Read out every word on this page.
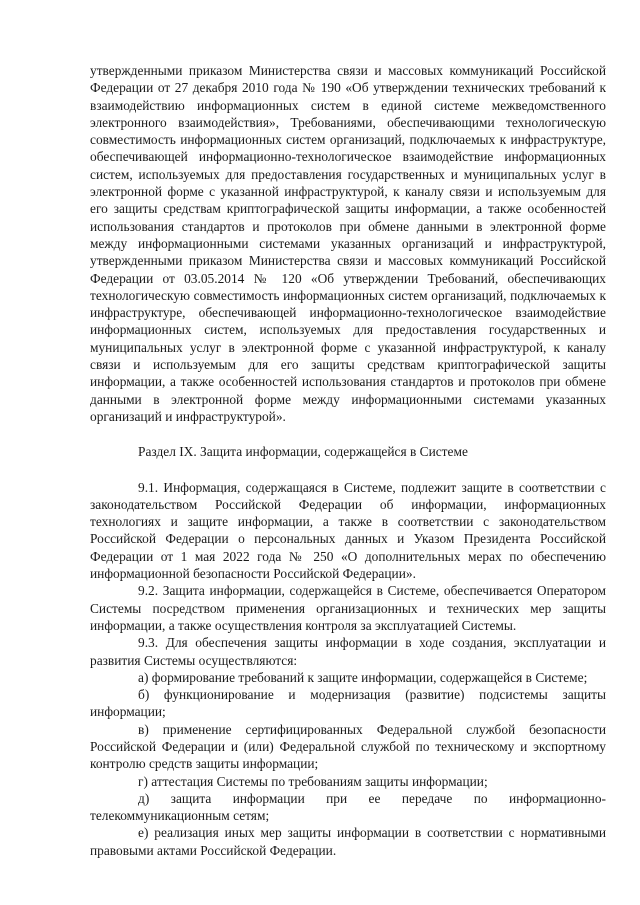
утвержденными приказом Министерства связи и массовых коммуникаций Российской Федерации от 27 декабря 2010 года № 190 «Об утверждении технических требований к взаимодействию информационных систем в единой системе межведомственного электронного взаимодействия», Требованиями, обеспечивающими технологическую совместимость информационных систем организаций, подключаемых к инфраструктуре, обеспечивающей информационно-технологическое взаимодействие информационных систем, используемых для предоставления государственных и муниципальных услуг в электронной форме с указанной инфраструктурой, к каналу связи и используемым для его защиты средствам криптографической защиты информации, а также особенностей использования стандартов и протоколов при обмене данными в электронной форме между информационными системами указанных организаций и инфраструктурой, утвержденными приказом Министерства связи и массовых коммуникаций Российской Федерации от 03.05.2014 № 120 «Об утверждении Требований, обеспечивающих технологическую совместимость информационных систем организаций, подключаемых к инфраструктуре, обеспечивающей информационно-технологическое взаимодействие информационных систем, используемых для предоставления государственных и муниципальных услуг в электронной форме с указанной инфраструктурой, к каналу связи и используемым для его защиты средствам криптографической защиты информации, а также особенностей использования стандартов и протоколов при обмене данными в электронной форме между информационными системами указанных организаций и инфраструктурой».

Раздел IX. Защита информации, содержащейся в Системе

9.1. Информация, содержащаяся в Системе, подлежит защите в соответствии с законодательством Российской Федерации об информации, информационных технологиях и защите информации, а также в соответствии с законодательством Российской Федерации о персональных данных и Указом Президента Российской Федерации от 1 мая 2022 года № 250 «О дополнительных мерах по обеспечению информационной безопасности Российской Федерации».

9.2. Защита информации, содержащейся в Системе, обеспечивается Оператором Системы посредством применения организационных и технических мер защиты информации, а также осуществления контроля за эксплуатацией Системы.

9.3. Для обеспечения защиты информации в ходе создания, эксплуатации и развития Системы осуществляются:

а) формирование требований к защите информации, содержащейся в Системе;

б) функционирование и модернизация (развитие) подсистемы защиты информации;

в) применение сертифицированных Федеральной службой безопасности Российской Федерации и (или) Федеральной службой по техническому и экспортному контролю средств защиты информации;

г) аттестация Системы по требованиям защиты информации;

д) защита информации при ее передаче по информационно-телекоммуникационным сетям;

е) реализация иных мер защиты информации в соответствии с нормативными правовыми актами Российской Федерации.
